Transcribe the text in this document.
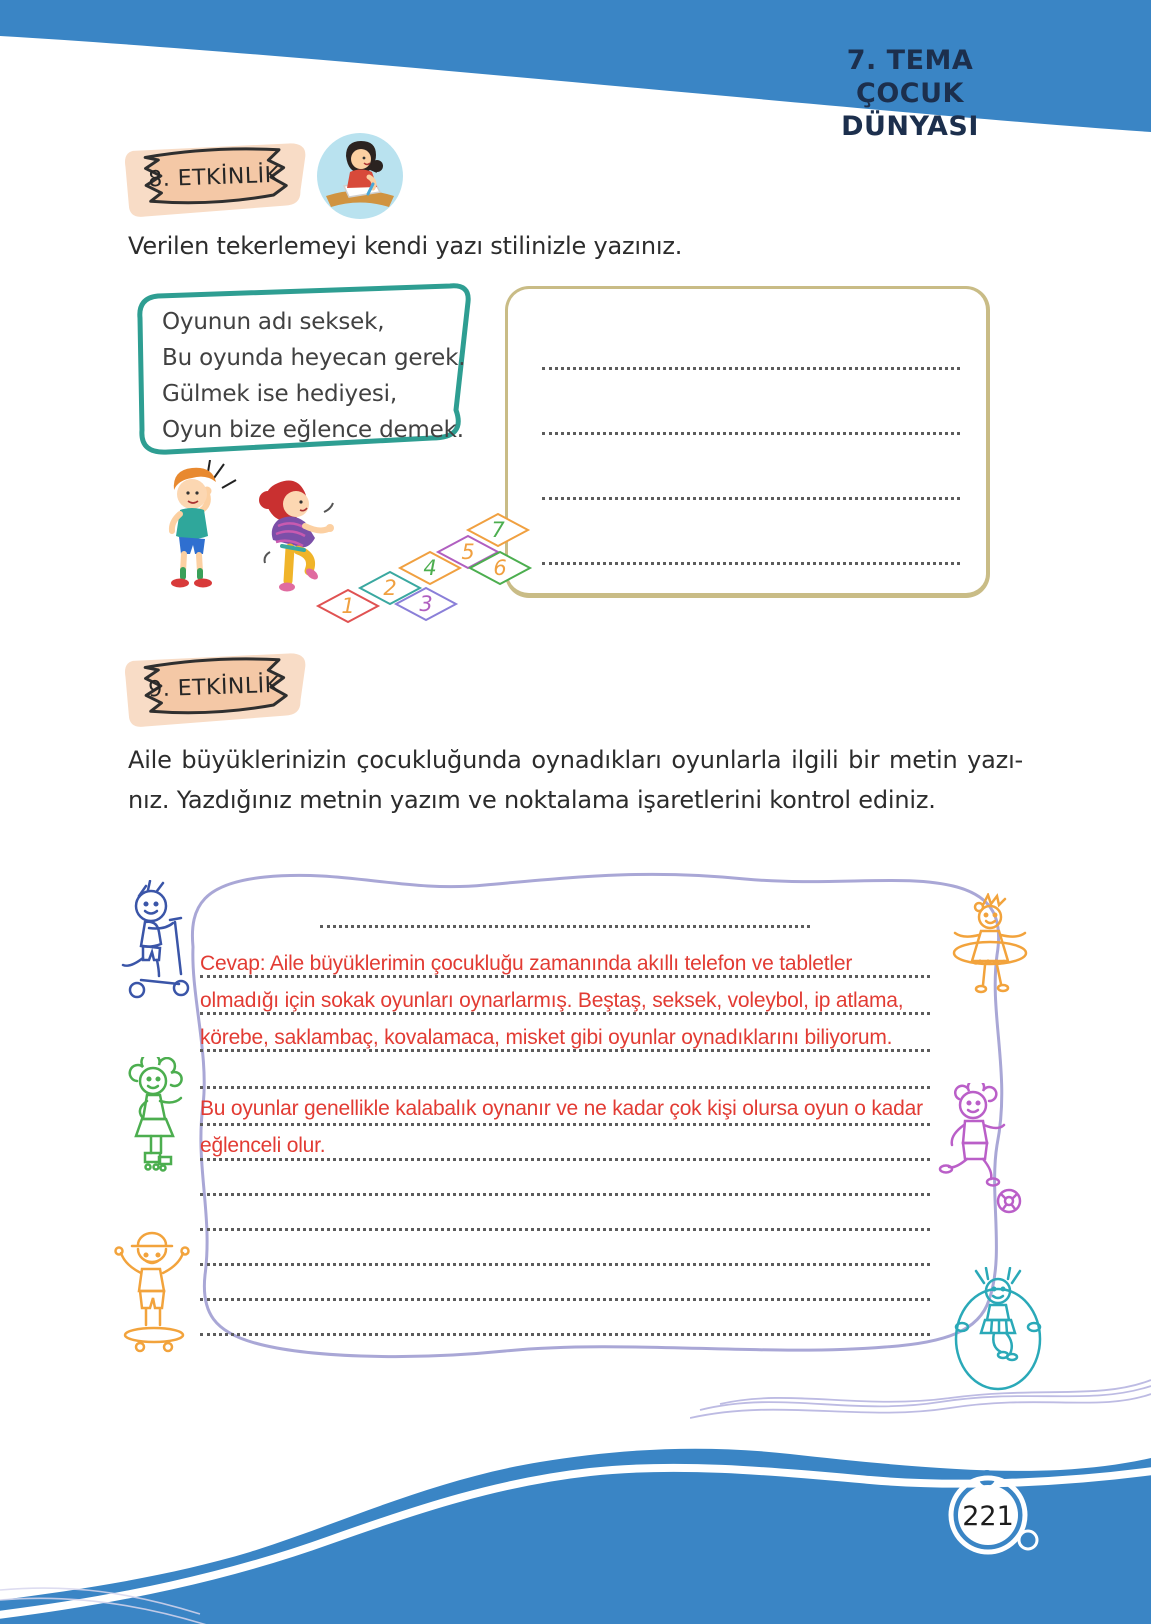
7. TEMA
ÇOCUK DÜNYASI
8. ETKİNLİK
Verilen tekerlemeyi kendi yazı stilinizle yazınız.
Oyunun adı seksek,
Bu oyunda heyecan gerek.
Gülmek ise hediyesi,
Oyun bize eğlence demek.
1
2
3
4
5
6
7
9. ETKİNLİK
Aile büyüklerinizin çocukluğunda oynadıkları oyunlarla ilgili bir metin yazı-
nız. Yazdığınız metnin yazım ve noktalama işaretlerini kontrol ediniz.
Cevap: Aile büyüklerimin çocukluğu zamanında akıllı telefon ve tabletler
olmadığı için sokak oyunları oynarlarmış. Beştaş, seksek, voleybol, ip atlama,
körebe, saklambaç, kovalamaca, misket gibi oyunlar oynadıklarını biliyorum.
Bu oyunlar genellikle kalabalık oynanır ve ne kadar çok kişi olursa oyun o kadar
eğlenceli olur.
221
